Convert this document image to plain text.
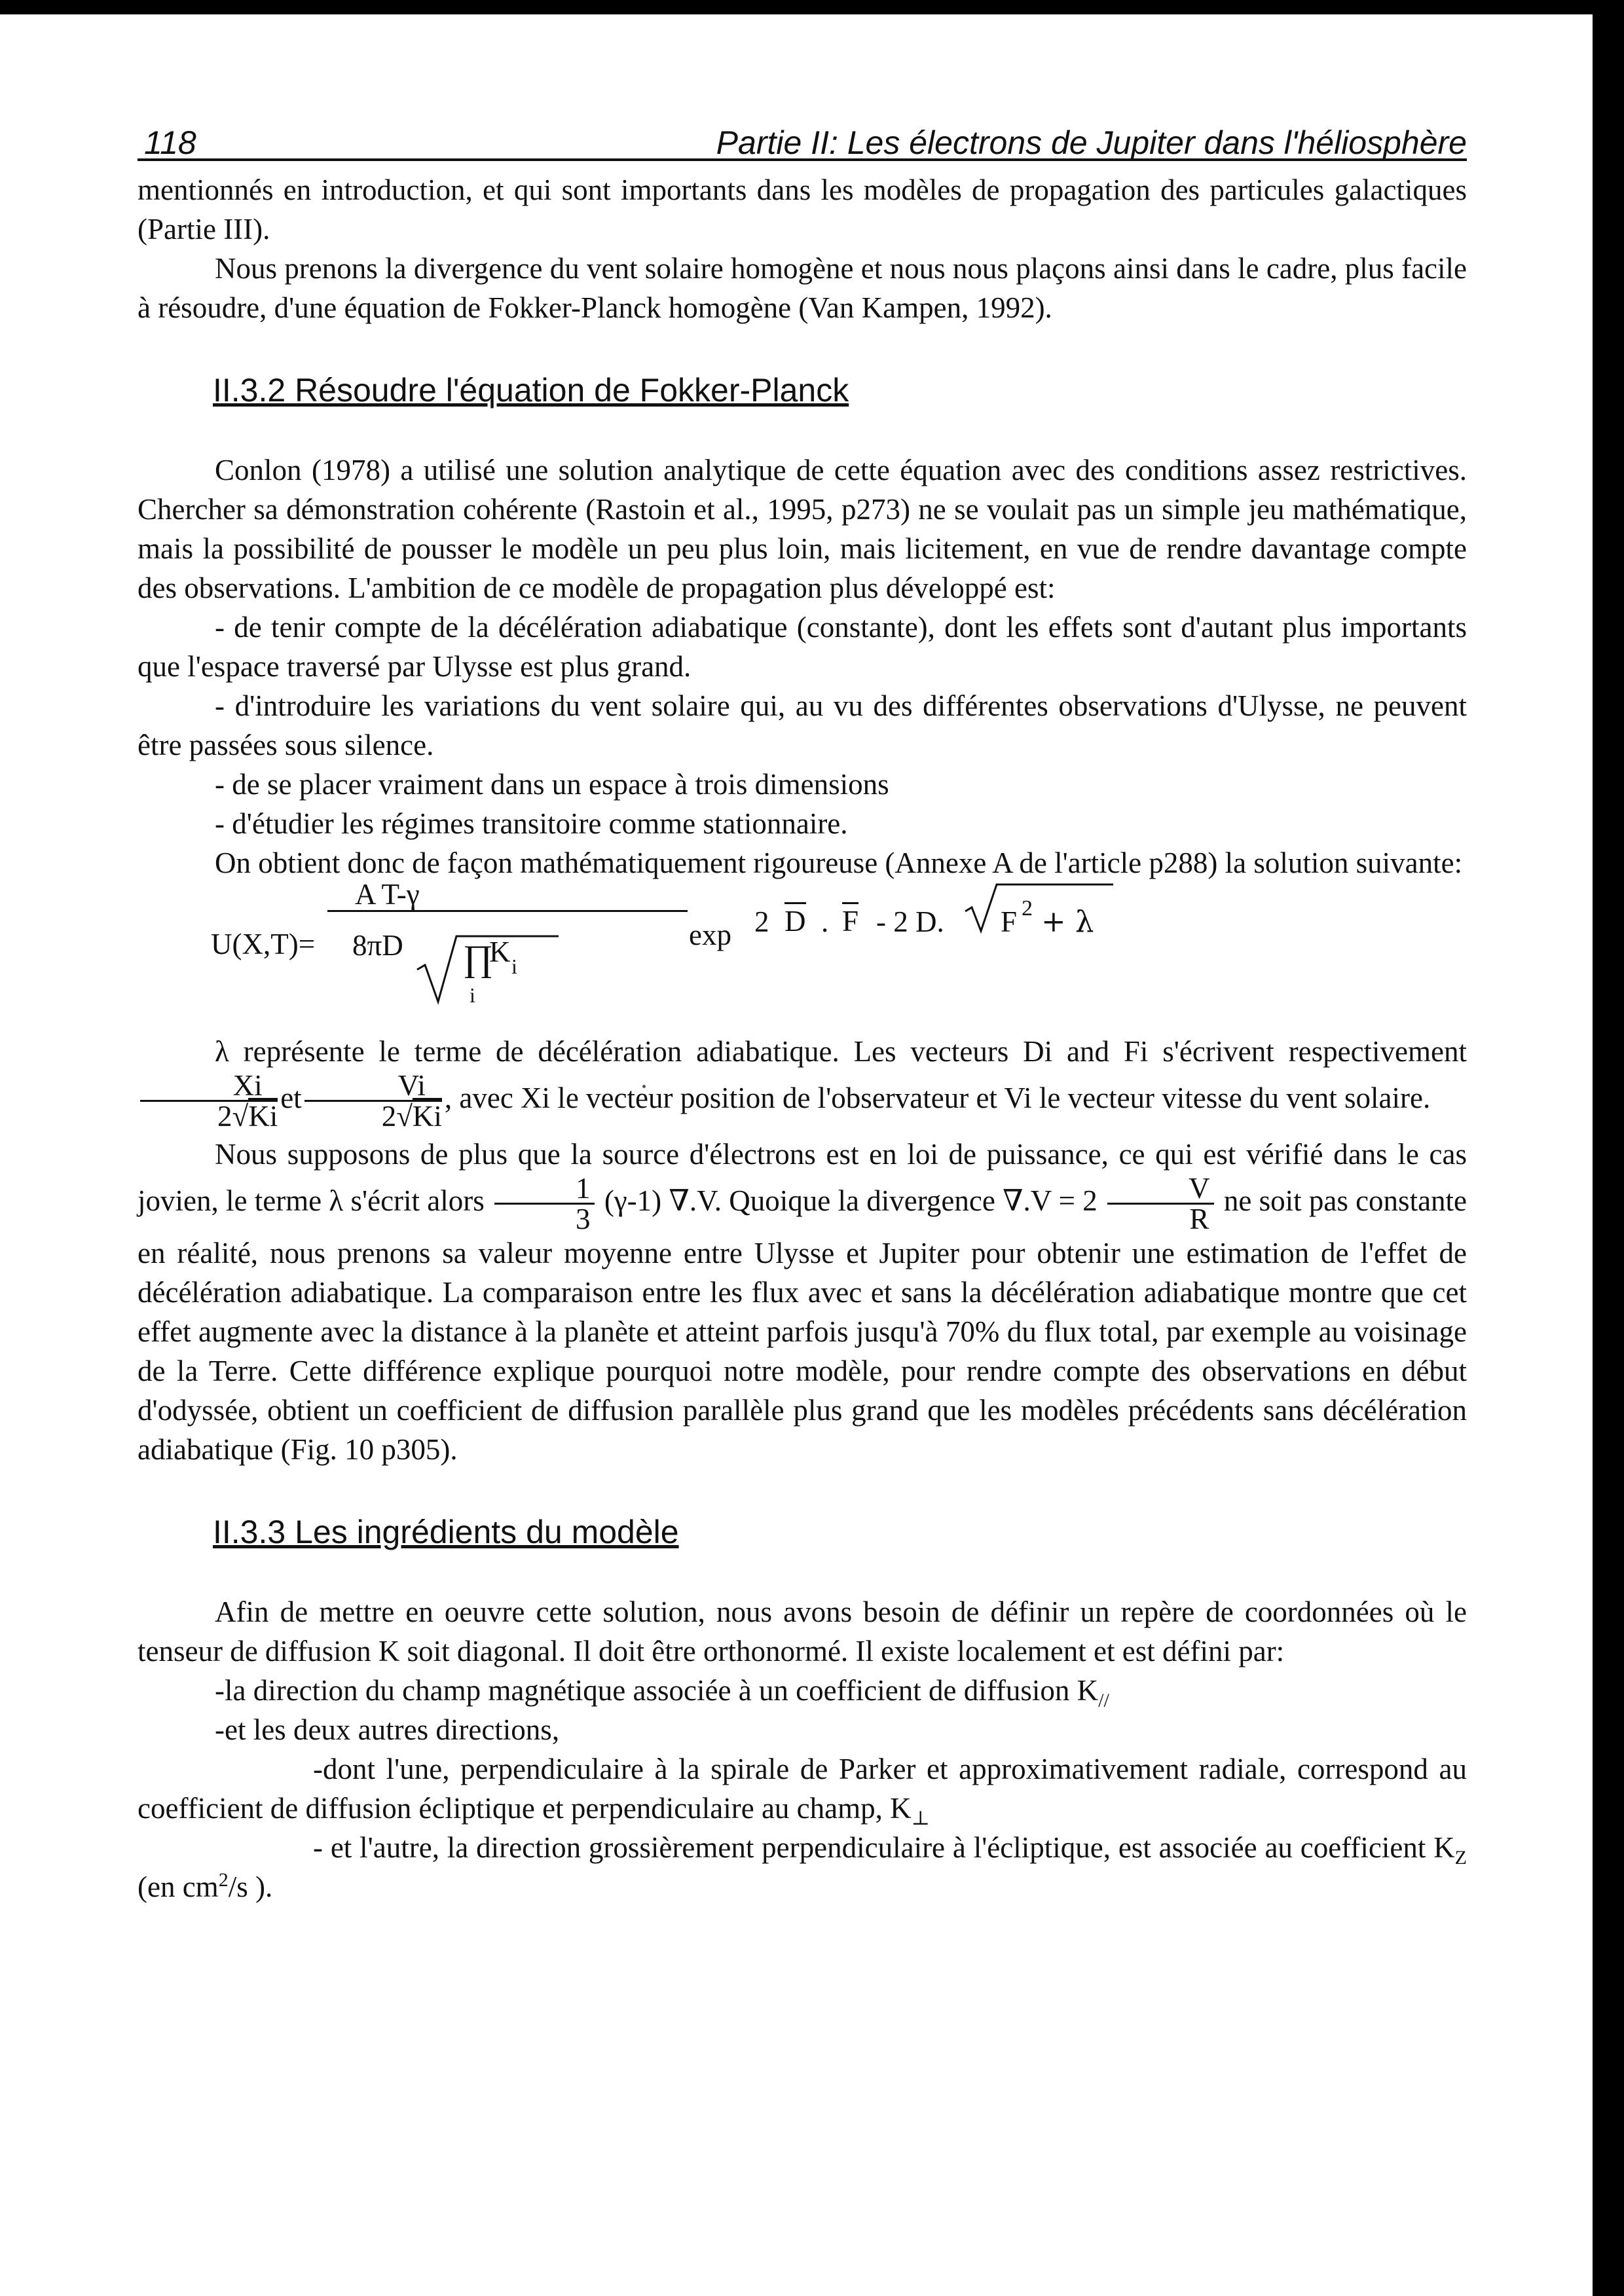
118	Partie II: Les électrons de Jupiter dans l'héliosphère

mentionnés en introduction, et qui sont importants dans les modèles de propagation des particules galactiques (Partie III).

Nous prenons la divergence du vent solaire homogène et nous nous plaçons ainsi dans le cadre, plus facile à résoudre, d'une équation de Fokker-Planck homogène (Van Kampen, 1992).

II.3.2 Résoudre l'équation de Fokker-Planck

Conlon (1978) a utilisé une solution analytique de cette équation avec des conditions assez restrictives. Chercher sa démonstration cohérente (Rastoin et al., 1995, p273) ne se voulait pas un simple jeu mathématique, mais la possibilité de pousser le modèle un peu plus loin, mais licitement, en vue de rendre davantage compte des observations. L'ambition de ce modèle de propagation plus développé est:

- de tenir compte de la décélération adiabatique (constante), dont les effets sont d'autant plus importants que l'espace traversé par Ulysse est plus grand.

- d'introduire les variations du vent solaire qui, au vu des différentes observations d'Ulysse, ne peuvent être passées sous silence.

- de se placer vraiment dans un espace à trois dimensions

- d'étudier les régimes transitoire comme stationnaire.

On obtient donc de façon mathématiquement rigoureuse (Annexe A de l'article p288) la solution suivante:

U(X,T)=
A T-γ
8πD ∏
K i
i
exp 2 D . F - 2 D. F 2 + λ

λ représente le terme de décélération adiabatique. Les vecteurs Di and Fi s'écrivent respectivement
$\frac{Xi}{2√Ki}$ et $\frac{Vi}{2√Ki}$ , avec Xi le vecteur position de l'observateur et Vi le vecteur vitesse du vent solaire.

Nous supposons de plus que la source d'électrons est en loi de puissance, ce qui est vérifié dans le cas jovien, le terme λ s'écrit alors $\frac{1}{3} (\gamma-1)$ ∇.V. Quoique la divergence $\nabla.V = 2 \frac{V}{R}$ ne soit pas constante en réalité, nous prenons sa valeur moyenne entre Ulysse et Jupiter pour obtenir une estimation de l'effet de décélération adiabatique. La comparaison entre les flux avec et sans la décélération adiabatique montre que cet effet augmente avec la distance à la planète et atteint parfois jusqu'à 70% du flux total, par exemple au voisinage de la Terre. Cette différence explique pourquoi notre modèle, pour rendre compte des observations en début d'odyssée, obtient un coefficient de diffusion parallèle plus grand que les modèles précédents sans décélération adiabatique (Fig. 10 p305).

II.3.3 Les ingrédients du modèle

Afin de mettre en oeuvre cette solution, nous avons besoin de définir un repère de coordonnées où le tenseur de diffusion K soit diagonal. Il doit être orthonormé. Il existe localement et est défini par:

-la direction du champ magnétique associée à un coefficient de diffusion $K_{//}$

-et les deux autres directions,

-dont l'une, perpendiculaire à la spirale de Parker et approximativement radiale, correspond au coefficient de diffusion écliptique et perpendiculaire au champ, $K_\perp$

- et l'autre, la direction grossièrement perpendiculaire à l'écliptique, est associée au coefficient $K_Z$ (en $cm^2/s$ ).
